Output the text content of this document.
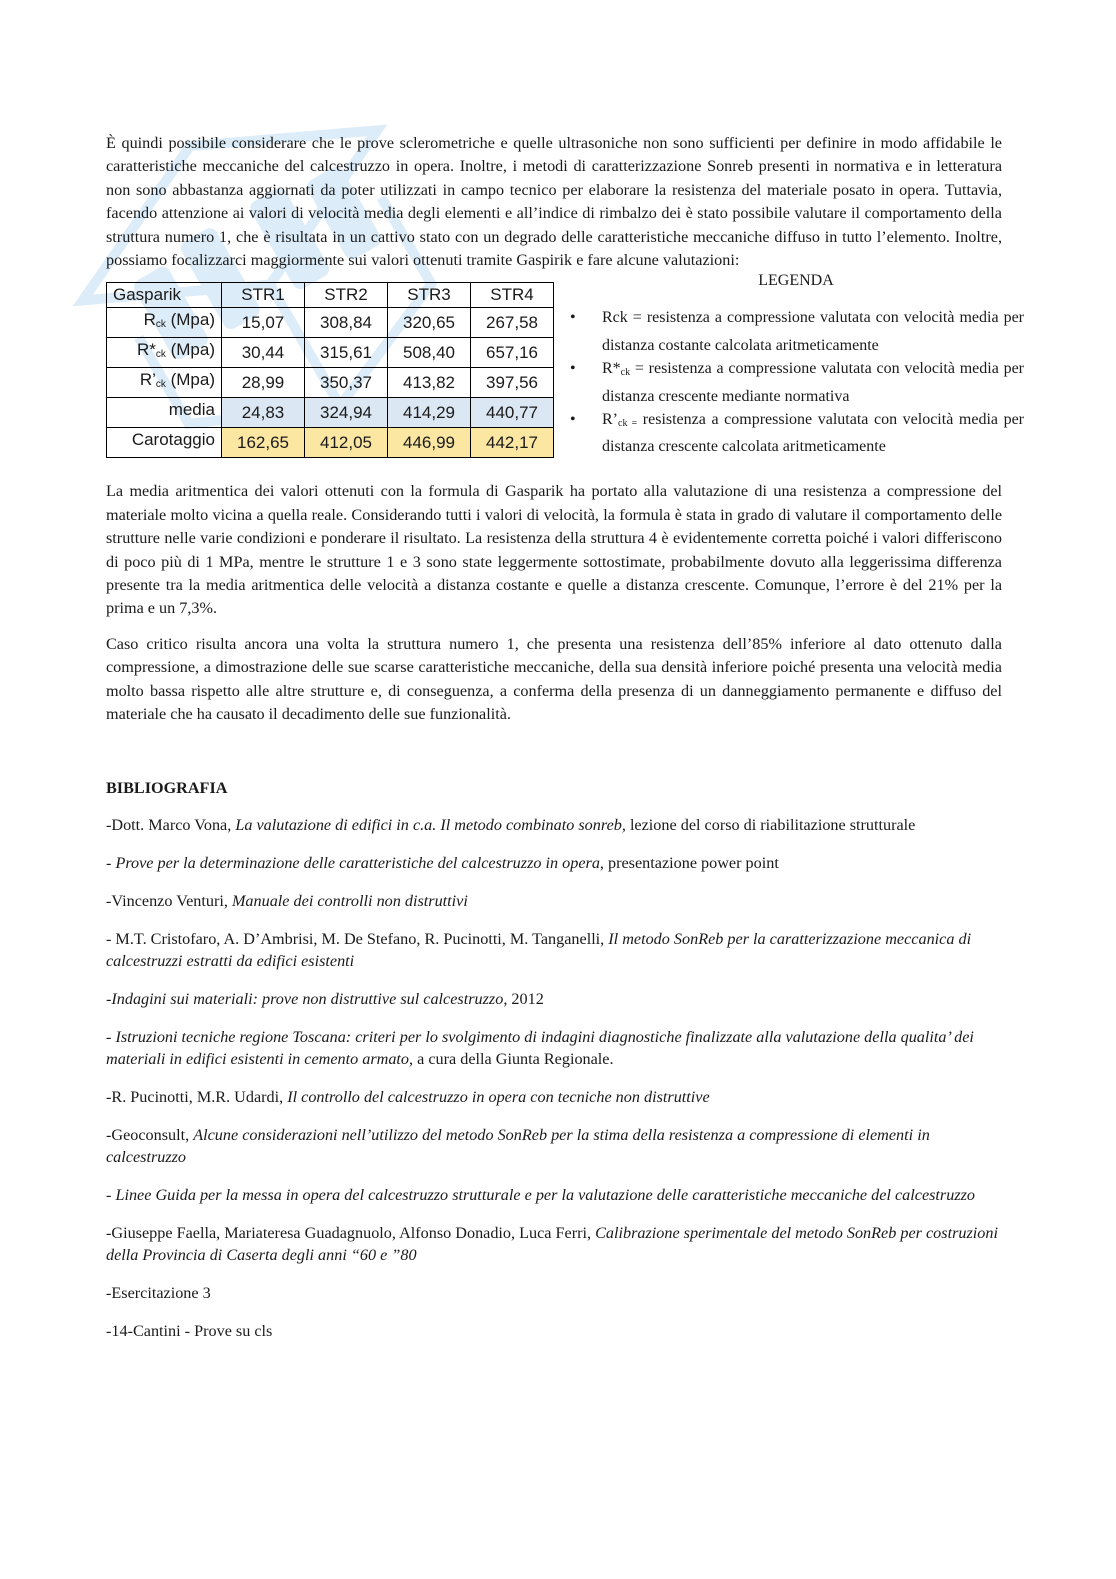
È quindi possibile considerare che le prove sclerometriche e quelle ultrasoniche non sono sufficienti per definire in modo affidabile le caratteristiche meccaniche del calcestruzzo in opera. Inoltre, i metodi di caratterizzazione Sonreb presenti in normativa e in letteratura non sono abbastanza aggiornati da poter utilizzati in campo tecnico per elaborare la resistenza del materiale posato in opera. Tuttavia, facendo attenzione ai valori di velocità media degli elementi e all’indice di rimbalzo dei è stato possibile valutare il comportamento della struttura numero 1, che è risultata in un cattivo stato con un degrado delle caratteristiche meccaniche diffuso in tutto l’elemento. Inoltre, possiamo focalizzarci maggiormente sui valori ottenuti tramite Gaspirik e fare alcune valutazioni:

Gasparik	STR1	STR2	STR3	STR4
$R_{ck}$ (Mpa)	15,07	308,84	320,65	267,58
$R*_{ck}$ (Mpa)	30,44	315,61	508,40	657,16
$R’_{ck}$ (Mpa)	28,99	350,37	413,82	397,56
media	24,83	324,94	414,29	440,77
Carotaggio	162,65	412,05	446,99	442,17
LEGENDA
• Rck = resistenza a compressione valutata con velocità media per distanza costante calcolata aritmeticamente
• $R*_{ck}$ = resistenza a compressione valutata con velocità media per distanza crescente mediante normativa
• $R’_{ck =}$ resistenza a compressione valutata con velocità media per distanza crescente calcolata aritmeticamente

La media aritmentica dei valori ottenuti con la formula di Gasparik ha portato alla valutazione di una resistenza a compressione del materiale molto vicina a quella reale. Considerando tutti i valori di velocità, la formula è stata in grado di valutare il comportamento delle strutture nelle varie condizioni e ponderare il risultato. La resistenza della struttura 4 è evidentemente corretta poiché i valori differiscono di poco più di 1 MPa, mentre le strutture 1 e 3 sono state leggermente sottostimate, probabilmente dovuto alla leggerissima differenza presente tra la media aritmentica delle velocità a distanza costante e quelle a distanza crescente. Comunque, l’errore è del 21% per la prima e un 7,3%.

Caso critico risulta ancora una volta la struttura numero 1, che presenta una resistenza dell’85% inferiore al dato ottenuto dalla compressione, a dimostrazione delle sue scarse caratteristiche meccaniche, della sua densità inferiore poiché presenta una velocità media molto bassa rispetto alle altre strutture e, di conseguenza, a conferma della presenza di un danneggiamento permanente e diffuso del materiale che ha causato il decadimento delle sue funzionalità.

BIBLIOGRAFIA
-Dott. Marco Vona, La valutazione di edifici in c.a. Il metodo combinato sonreb, lezione del corso di riabilitazione strutturale
- Prove per la determinazione delle caratteristiche del calcestruzzo in opera, presentazione power point
-Vincenzo Venturi, Manuale dei controlli non distruttivi
- M.T. Cristofaro, A. D’Ambrisi, M. De Stefano, R. Pucinotti, M. Tanganelli, Il metodo SonReb per la caratterizzazione meccanica di calcestruzzi estratti da edifici esistenti
-Indagini sui materiali: prove non distruttive sul calcestruzzo, 2012
- Istruzioni tecniche regione Toscana: criteri per lo svolgimento di indagini diagnostiche finalizzate alla valutazione della qualita’ dei materiali in edifici esistenti in cemento armato, a cura della Giunta Regionale.
-R. Pucinotti, M.R. Udardi, Il controllo del calcestruzzo in opera con tecniche non distruttive
-Geoconsult, Alcune considerazioni nell’utilizzo del metodo SonReb per la stima della resistenza a compressione di elementi in calcestruzzo
- Linee Guida per la messa in opera del calcestruzzo strutturale e per la valutazione delle caratteristiche meccaniche del calcestruzzo
-Giuseppe Faella, Mariateresa Guadagnuolo, Alfonso Donadio, Luca Ferri, Calibrazione sperimentale del metodo SonReb per costruzioni della Provincia di Caserta degli anni “60 e ”80
-Esercitazione 3
-14-Cantini - Prove su cls
